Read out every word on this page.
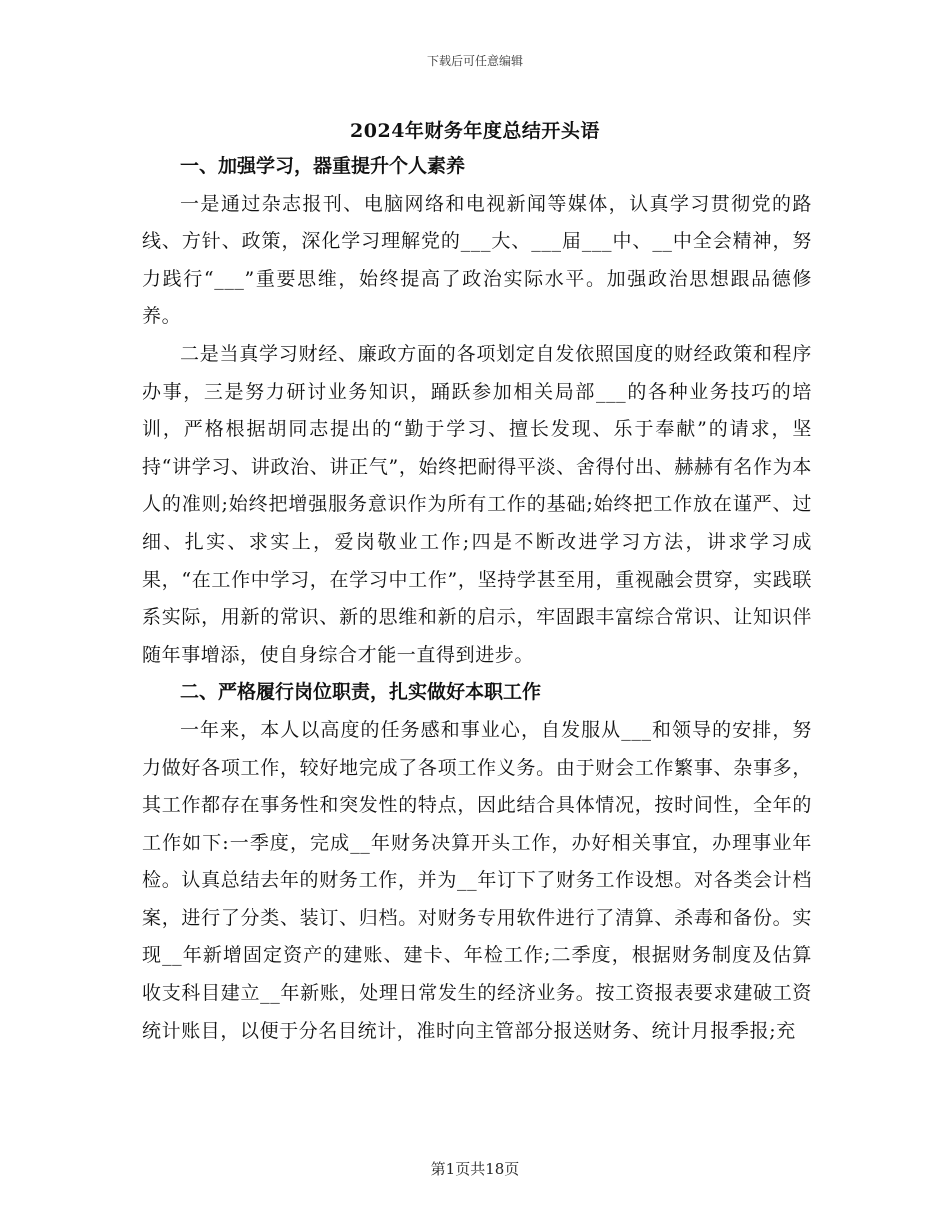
下载后可任意编辑
2024年财务年度总结开头语

一、加强学习，器重提升个人素养

一是通过杂志报刊、电脑网络和电视新闻等媒体，认真学习贯彻党的路线、方针、政策，深化学习理解党的___大、___届___中、__中全会精神，努力践行“___”重要思维，始终提高了政治实际水平。加强政治思想跟品德修养。

二是当真学习财经、廉政方面的各项划定自发依照国度的财经政策和程序办事，三是努力研讨业务知识，踊跃参加相关局部___的各种业务技巧的培训，严格根据胡同志提出的“勤于学习、擅长发现、乐于奉献”的请求，坚持“讲学习、讲政治、讲正气”，始终把耐得平淡、舍得付出、赫赫有名作为本人的准则;始终把增强服务意识作为所有工作的基础;始终把工作放在谨严、过细、扎实、求实上，爱岗敬业工作;四是不断改进学习方法，讲求学习成果，“在工作中学习，在学习中工作”，坚持学甚至用，重视融会贯穿，实践联系实际，用新的常识、新的思维和新的启示，牢固跟丰富综合常识、让知识伴随年事增添，使自身综合才能一直得到进步。

二、严格履行岗位职责，扎实做好本职工作

一年来，本人以高度的任务感和事业心，自发服从___和领导的安排，努力做好各项工作，较好地完成了各项工作义务。由于财会工作繁事、杂事多，其工作都存在事务性和突发性的特点，因此结合具体情况，按时间性，全年的工作如下:一季度，完成__年财务决算开头工作，办好相关事宜，办理事业年检。认真总结去年的财务工作，并为__年订下了财务工作设想。对各类会计档案，进行了分类、装订、归档。对财务专用软件进行了清算、杀毒和备份。实现__年新增固定资产的建账、建卡、年检工作;二季度，根据财务制度及估算收支科目建立__年新账，处理日常发生的经济业务。按工资报表要求建破工资统计账目，以便于分名目统计，准时向主管部分报送财务、统计月报季报;充

第1页共18页
